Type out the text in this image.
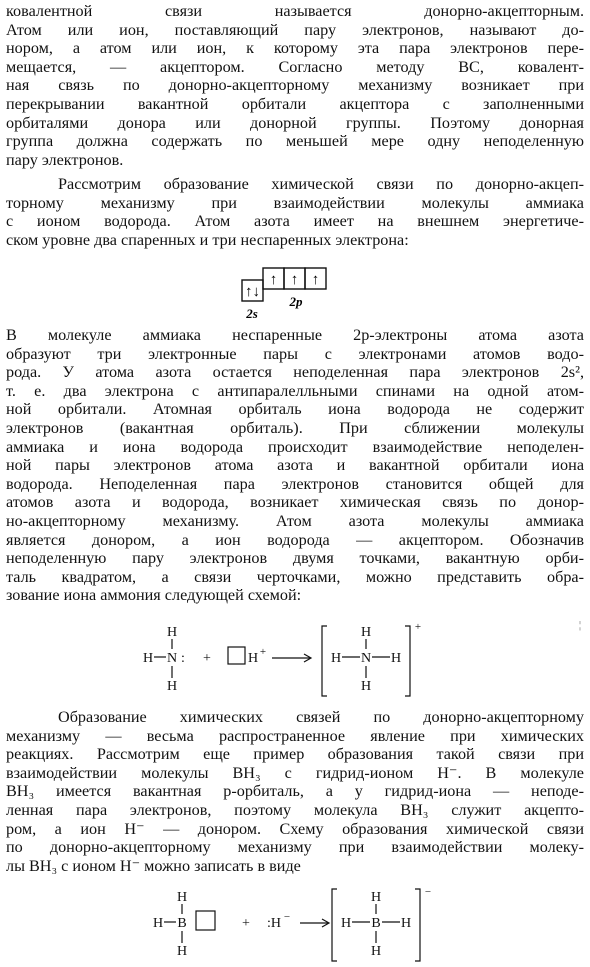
ковалентной связи называется донорно-акцепторным.
Атом или ион, поставляющий пару электронов, называют до-
нором, а атом или ион, к которому эта пара электронов пере-
мещается, — акцептором. Согласно методу ВС, ковалент-
ная связь по донорно-акцепторному механизму возникает при
перекрывании вакантной орбитали акцептора с заполненными
орбиталями донора или донорной группы. Поэтому донорная
группа должна содержать по меньшей мере одну неподеленную
пару электронов.
Рассмотрим образование химической связи по донорно-акцеп-
торному механизму при взаимодействии молекулы аммиака
с ионом водорода. Атом азота имеет на внешнем энергетиче-
ском уровне два спаренных и три неспаренных электрона:
↑↓
↑ ↑ ↑
2s
2p
В молекуле аммиака неспаренные 2p-электроны атома азота
образуют три электронные пары с электронами атомов водо-
рода. У атома азота остается неподеленная пара электронов 2s²,
т. е. два электрона с антипаралелльными спинами на одной атом-
ной орбитали. Атомная орбиталь иона водорода не содержит
электронов (вакантная орбиталь). При сближении молекулы
аммиака и иона водорода происходит взаимодействие неподелен-
ной пары электронов атома азота и вакантной орбитали иона
водорода. Неподеленная пара электронов становится общей для
атомов азота и водорода, возникает химическая связь по донор-
но-акцепторному механизму. Атом азота молекулы аммиака
является донором, а ион водорода — акцептором. Обозначив
неподеленную пару электронов двумя точками, вакантную орби-
таль квадратом, а связи черточками, можно представить обра-
зование иона аммония следующей схемой:
H
H N :
H
+	H +
H
H N H
H
+	¦
Образование химических связей по донорно-акцепторному
механизму — весьма распространенное явление при химических
реакциях. Рассмотрим еще пример образования такой связи при
взаимодействии молекулы BH₃ с гидрид-ионом H⁻. В молекуле
BH₃ имеется вакантная p-орбиталь, а у гидрид-иона — неподе-
ленная пара электронов, поэтому молекула BH₃ служит акцепто-
ром, а ион H⁻ — донором. Схему образования химической связи
по донорно-акцепторному механизму при взаимодействии молеку-
лы BH₃ с ионом H⁻ можно записать в виде
H
H B
H
+ :H −
H
H B H
H
−
